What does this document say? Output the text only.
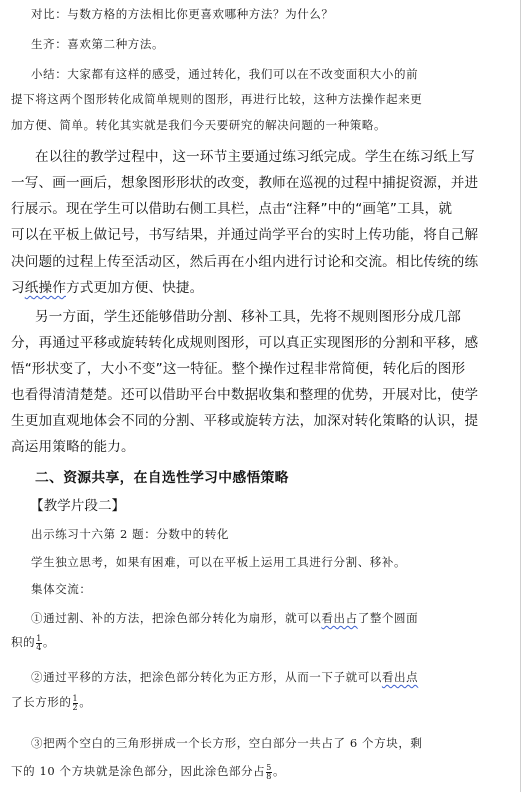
对比：与数方格的方法相比你更喜欢哪种方法？为什么？

生齐：喜欢第二种方法。

小结：大家都有这样的感受，通过转化，我们可以在不改变面积大小的前

提下将这两个图形转化成简单规则的图形，再进行比较，这种方法操作起来更

加方便、简单。转化其实就是我们今天要研究的解决问题的一种策略。

在以往的教学过程中，这一环节主要通过练习纸完成。学生在练习纸上写

一写、画一画后，想象图形形状的改变，教师在巡视的过程中捕捉资源，并进

行展示。现在学生可以借助右侧工具栏，点击“注释”中的“画笔”工具，就

可以在平板上做记号，书写结果，并通过尚学平台的实时上传功能，将自己解

决问题的过程上传至活动区，然后再在小组内进行讨论和交流。相比传统的练

习纸操作方式更加方便、快捷。

另一方面，学生还能够借助分割、移补工具，先将不规则图形分成几部

分，再通过平移或旋转转化成规则图形，可以真正实现图形的分割和平移，感

悟“形状变了，大小不变”这一特征。整个操作过程非常简便，转化后的图形

也看得清清楚楚。还可以借助平台中数据收集和整理的优势，开展对比，使学

生更加直观地体会不同的分割、平移或旋转方法，加深对转化策略的认识，提

高运用策略的能力。

二、资源共享，在自选性学习中感悟策略

【教学片段二】

出示练习十六第 2 题：分数中的转化

学生独立思考，如果有困难，可以在平板上运用工具进行分割、移补。

集体交流：

①通过割、补的方法，把涂色部分转化为扇形，就可以看出占了整个圆面

积的 $\frac{1}{4}$ 。

②通过平移的方法，把涂色部分转化为正方形，从而一下子就可以看出点

了长方形的 $\frac{1}{2}$ 。

③把两个空白的三角形拼成一个长方形，空白部分一共占了 6 个方块，剩

下的 10 个方块就是涂色部分，因此涂色部分占 $\frac{5}{8}$ 。
